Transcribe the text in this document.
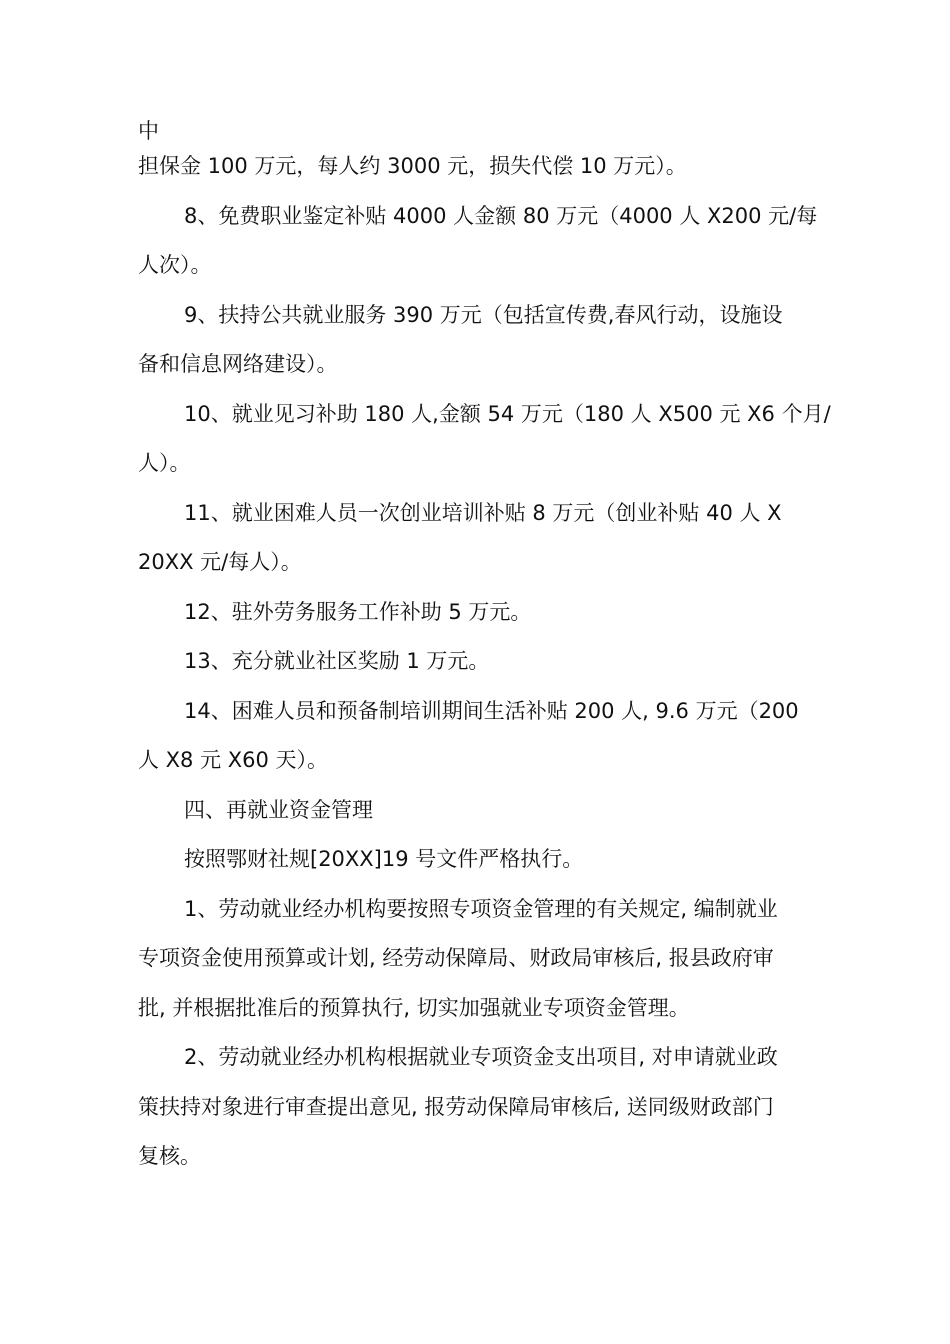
中
担保金 100 万元，每人约 3000 元，损失代偿 10 万元）。
8、免费职业鉴定补贴 4000 人金额 80 万元（4000 人 X200 元/每
人次）。
9、扶持公共就业服务 390 万元（包括宣传费,春风行动，设施设
备和信息网络建设）。
10、就业见习补助 180 人,金额 54 万元（180 人 X500 元 X6 个月/
人）。
11、就业困难人员一次创业培训补贴 8 万元（创业补贴 40 人 X
20XX 元/每人）。
12、驻外劳务服务工作补助 5 万元。
13、充分就业社区奖励 1 万元。
14、困难人员和预备制培训期间生活补贴 200 人, 9.6 万元（200
人 X8 元 X60 天）。
四、再就业资金管理
按照鄂财社规[20XX]19 号文件严格执行。
1、劳动就业经办机构要按照专项资金管理的有关规定, 编制就业
专项资金使用预算或计划, 经劳动保障局、财政局审核后, 报县政府审
批, 并根据批准后的预算执行, 切实加强就业专项资金管理。
2、劳动就业经办机构根据就业专项资金支出项目, 对申请就业政
策扶持对象进行审查提出意见, 报劳动保障局审核后, 送同级财政部门
复核。
